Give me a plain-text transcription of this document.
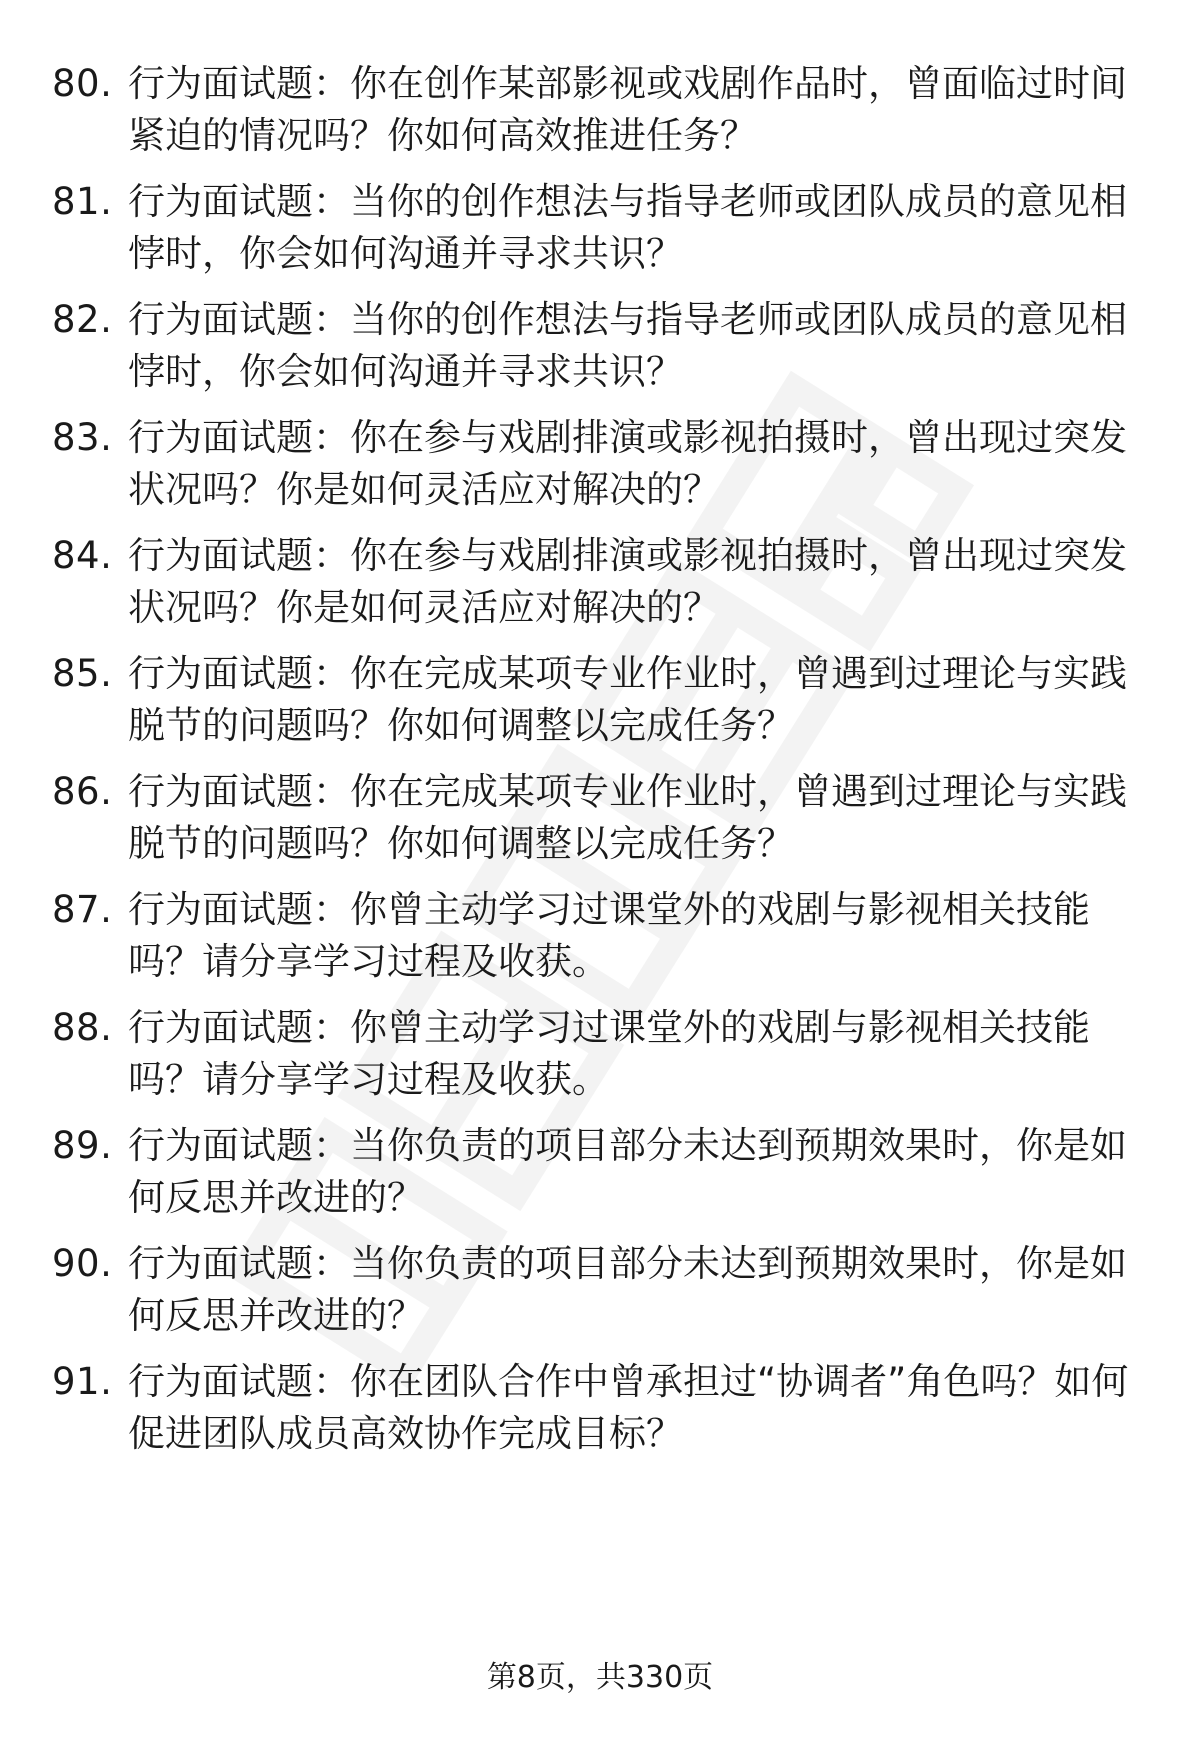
80. 行为面试题：你在创作某部影视或戏剧作品时，曾面临过时间紧迫的情况吗？你如何高效推进任务？
81. 行为面试题：当你的创作想法与指导老师或团队成员的意见相悖时，你会如何沟通并寻求共识？
82. 行为面试题：当你的创作想法与指导老师或团队成员的意见相悖时，你会如何沟通并寻求共识？
83. 行为面试题：你在参与戏剧排演或影视拍摄时，曾出现过突发状况吗？你是如何灵活应对解决的？
84. 行为面试题：你在参与戏剧排演或影视拍摄时，曾出现过突发状况吗？你是如何灵活应对解决的？
85. 行为面试题：你在完成某项专业作业时，曾遇到过理论与实践脱节的问题吗？你如何调整以完成任务？
86. 行为面试题：你在完成某项专业作业时，曾遇到过理论与实践脱节的问题吗？你如何调整以完成任务？
87. 行为面试题：你曾主动学习过课堂外的戏剧与影视相关技能吗？请分享学习过程及收获。
88. 行为面试题：你曾主动学习过课堂外的戏剧与影视相关技能吗？请分享学习过程及收获。
89. 行为面试题：当你负责的项目部分未达到预期效果时，你是如何反思并改进的？
90. 行为面试题：当你负责的项目部分未达到预期效果时，你是如何反思并改进的？
91. 行为面试题：你在团队合作中曾承担过“协调者”角色吗？如何促进团队成员高效协作完成目标？
第8页，共330页
